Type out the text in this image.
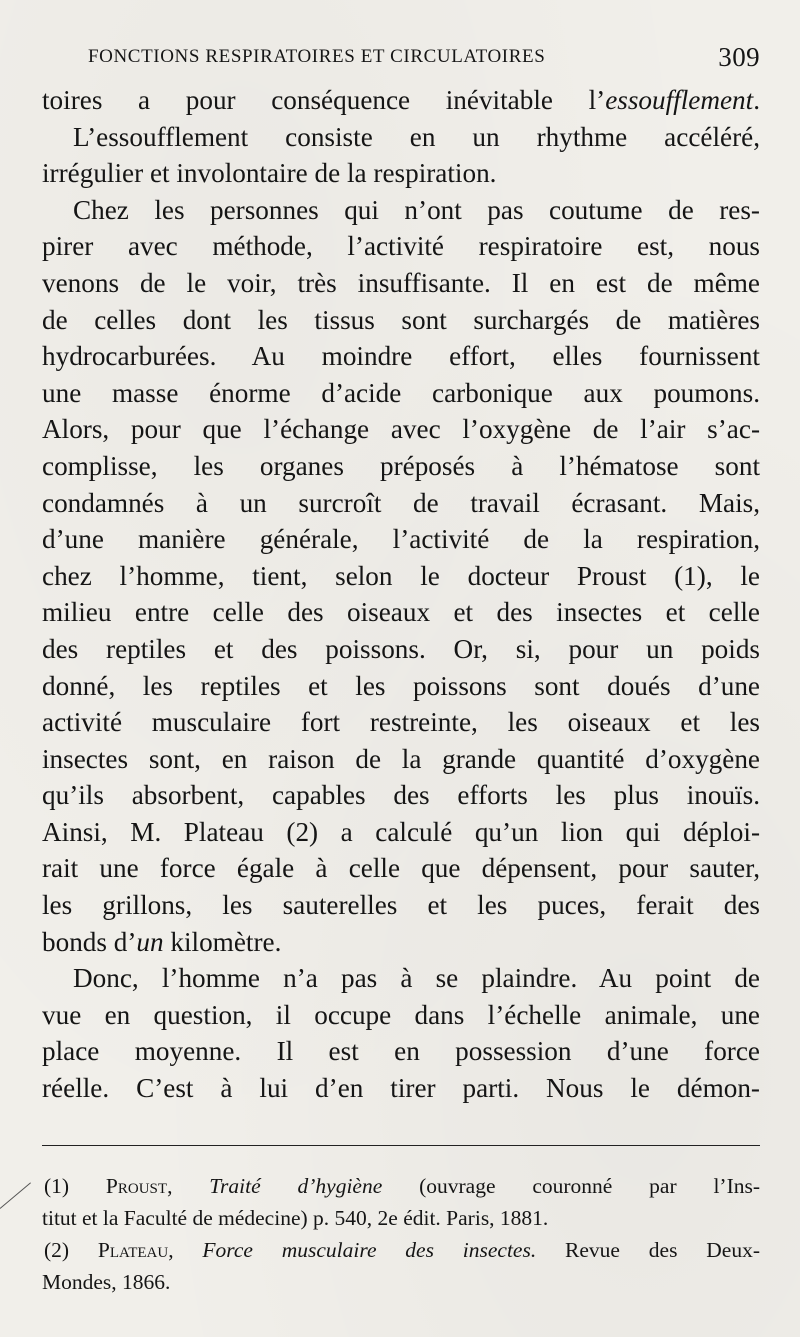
FONCTIONS RESPIRATOIRES ET CIRCULATOIRES	309
toires a pour conséquence inévitable l’essoufflement.
L’essoufflement consiste en un rhythme accéléré,
irrégulier et involontaire de la respiration.
Chez les personnes qui n’ont pas coutume de res-
pirer avec méthode, l’activité respiratoire est, nous
venons de le voir, très insuffisante. Il en est de même
de celles dont les tissus sont surchargés de matières
hydrocarburées. Au moindre effort, elles fournissent
une masse énorme d’acide carbonique aux poumons.
Alors, pour que l’échange avec l’oxygène de l’air s’ac-
complisse, les organes préposés à l’hématose sont
condamnés à un surcroît de travail écrasant. Mais,
d’une manière générale, l’activité de la respiration,
chez l’homme, tient, selon le docteur Proust (1), le
milieu entre celle des oiseaux et des insectes et celle
des reptiles et des poissons. Or, si, pour un poids
donné, les reptiles et les poissons sont doués d’une
activité musculaire fort restreinte, les oiseaux et les
insectes sont, en raison de la grande quantité d’oxygène
qu’ils absorbent, capables des efforts les plus inouïs.
Ainsi, M. Plateau (2) a calculé qu’un lion qui déploi-
rait une force égale à celle que dépensent, pour sauter,
les grillons, les sauterelles et les puces, ferait des
bonds d’un kilomètre.
Donc, l’homme n’a pas à se plaindre. Au point de
vue en question, il occupe dans l’échelle animale, une
place moyenne. Il est en possession d’une force
réelle. C’est à lui d’en tirer parti. Nous le démon-
(1) Proust, Traité d’hygiène (ouvrage couronné par l’Ins-
titut et la Faculté de médecine) p. 540, 2e édit. Paris, 1881.
(2) Plateau, Force musculaire des insectes. Revue des Deux-
Mondes, 1866.
